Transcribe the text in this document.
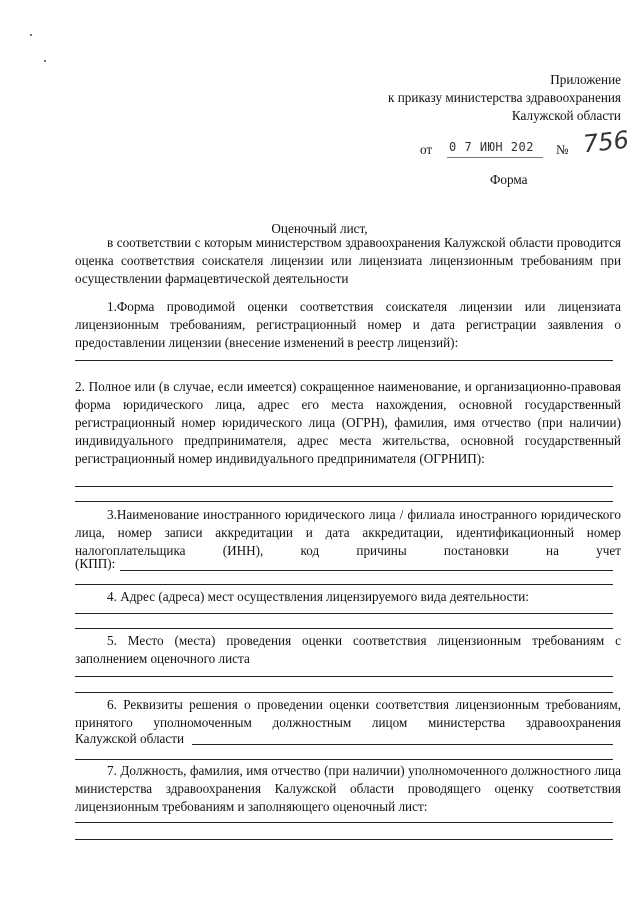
Приложение
к приказу министерства здравоохранения
Калужской области
от 0 7 ИЮН 202 № 756
Форма
Оценочный лист,
в соответствии с которым министерством здравоохранения Калужской области проводится оценка соответствия соискателя лицензии или лицензиата лицензионным требованиям при осуществлении фармацевтической деятельности
1.Форма проводимой оценки соответствия соискателя лицензии или лицензиата лицензионным требованиям, регистрационный номер и дата регистрации заявления о предоставлении лицензии (внесение изменений в реестр лицензий):
2. Полное или (в случае, если имеется) сокращенное наименование, и организационно-правовая форма юридического лица, адрес его места нахождения, основной государственный регистрационный номер юридического лица (ОГРН), фамилия, имя отчество (при наличии) индивидуального предпринимателя, адрес места жительства, основной государственный регистрационный номер индивидуального предпринимателя (ОГРНИП):
3.Наименование иностранного юридического лица / филиала иностранного юридического лица, номер записи аккредитации и дата аккредитации, идентификационный номер налогоплательщика (ИНН), код причины постановки на учет
(КПП):
4. Адрес (адреса) мест осуществления лицензируемого вида деятельности:
5. Место (места) проведения оценки соответствия лицензионным требованиям с заполнением оценочного листа
6. Реквизиты решения о проведении оценки соответствия лицензионным требованиям, принятого уполномоченным должностным лицом министерства здравоохранения
Калужской области
7. Должность, фамилия, имя отчество (при наличии) уполномоченного должностного лица министерства здравоохранения Калужской области проводящего оценку соответствия лицензионным требованиям и заполняющего оценочный лист:
